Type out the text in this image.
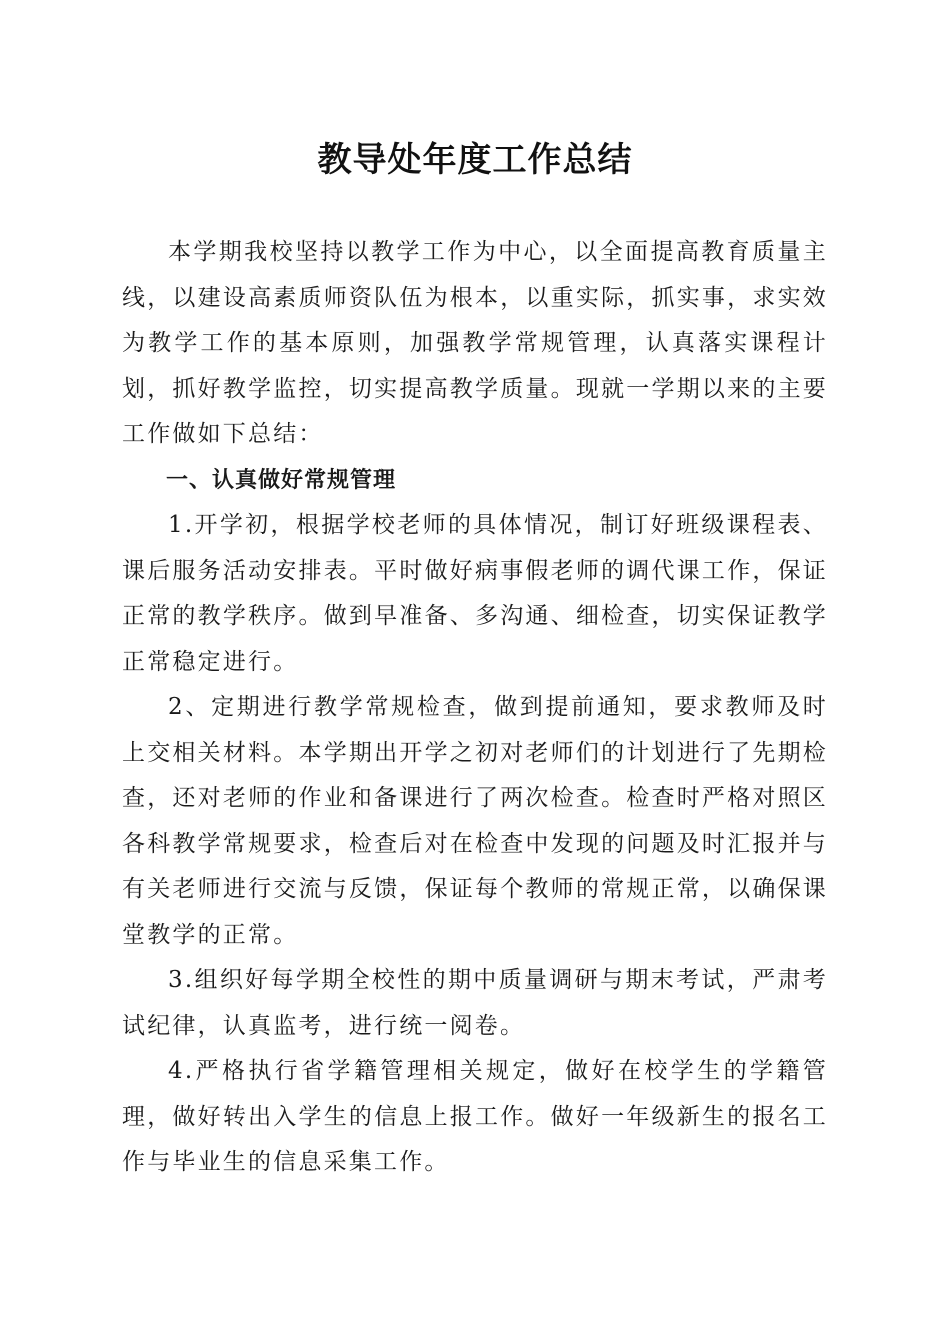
教导处年度工作总结

本学期我校坚持以教学工作为中心，以全面提高教育质量主线，以建设高素质师资队伍为根本，以重实际，抓实事，求实效为教学工作的基本原则，加强教学常规管理，认真落实课程计划，抓好教学监控，切实提高教学质量。现就一学期以来的主要工作做如下总结：

一、认真做好常规管理

1.开学初，根据学校老师的具体情况，制订好班级课程表、课后服务活动安排表。平时做好病事假老师的调代课工作，保证正常的教学秩序。做到早准备、多沟通、细检查，切实保证教学正常稳定进行。

2、定期进行教学常规检查，做到提前通知，要求教师及时上交相关材料。本学期出开学之初对老师们的计划进行了先期检查，还对老师的作业和备课进行了两次检查。检查时严格对照区各科教学常规要求，检查后对在检查中发现的问题及时汇报并与有关老师进行交流与反馈，保证每个教师的常规正常，以确保课堂教学的正常。

3.组织好每学期全校性的期中质量调研与期末考试，严肃考试纪律，认真监考，进行统一阅卷。

4.严格执行省学籍管理相关规定，做好在校学生的学籍管理，做好转出入学生的信息上报工作。做好一年级新生的报名工作与毕业生的信息采集工作。
